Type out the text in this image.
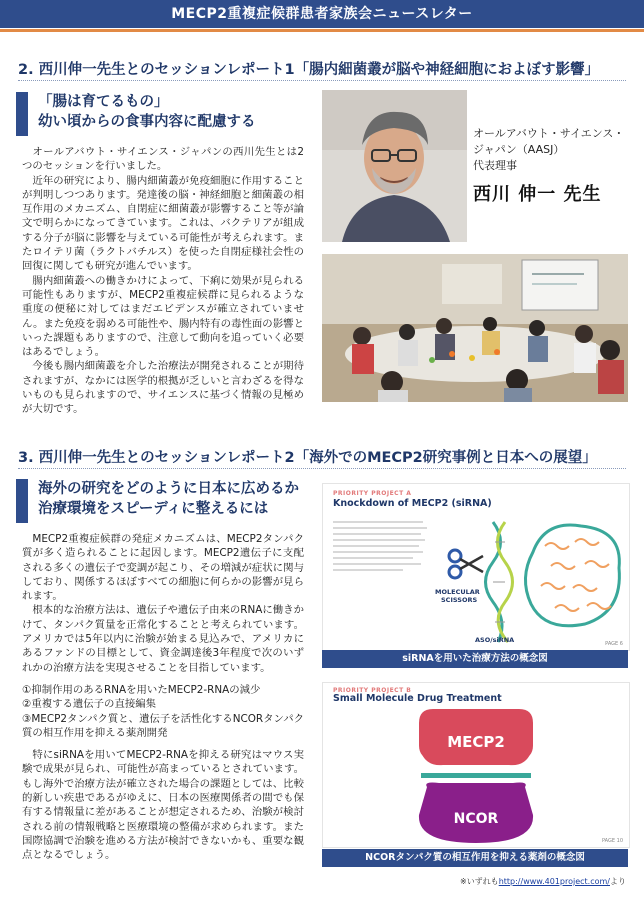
MECP2重複症候群患者家族会ニュースレター
2. 西川伸一先生とのセッションレポート1「腸内細菌叢が脳や神経細胞におよぼす影響」
「腸は育てるもの」
幼い頃からの食事内容に配慮する

オールアバウト・サイエンス・ジャパンの西川先生とは2つのセッションを行いました。

近年の研究により、腸内細菌叢が免疫細胞に作用することが判明しつつあります。発達後の脳・神経細胞と細菌叢の相互作用のメカニズム、自閉症に細菌叢が影響すること等が論文で明らかになってきています。これは、バクテリアが組成する分子が脳に影響を与えている可能性が考えられます。またロイテリ菌（ラクトバチルス）を使った自閉症様社会性の回復に関しても研究が進んでいます。

腸内細菌叢への働きかけによって、下痢に効果が見られる可能性もありますが、MECP2重複症候群に見られるような重度の便秘に対してはまだエビデンスが確立されていません。また免疫を弱める可能性や、腸内特有の毒性面の影響といった課題もありますので、注意して動向を追っていく必要はあるでしょう。

今後も腸内細菌叢を介した治療法が開発されることが期待されますが、なかには医学的根拠が乏しいと言わざるを得ないものも見られますので、サイエンスに基づく情報の見極めが大切です。

オールアバウト・サイエンス・
ジャパン（AASJ）
代表理事
西川 伸一 先生
3. 西川伸一先生とのセッションレポート2「海外でのMECP2研究事例と日本への展望」
海外の研究をどのように日本に広めるか
治療環境をスピーディに整えるには

MECP2重複症候群の発症メカニズムは、MECP2タンパク質が多く造られることに起因します。MECP2遺伝子に支配される多くの遺伝子で変調が起こり、その増減が症状に関与しており、関係するほぼすべての細胞に何らかの影響が見られます。

根本的な治療方法は、遺伝子や遺伝子由来のRNAに働きかけて、タンパク質量を正常化することと考えられています。アメリカでは5年以内に治験が始まる見込みで、アメリカにあるファンドの目標として、資金調達後3年程度で次のいずれかの治療方法を実現させることを目指しています。

①抑制作用のあるRNAを用いたMECP2-RNAの減少

②重複する遺伝子の直接編集

③MECP2タンパク質と、遺伝子を活性化するNCORタンパク質の相互作用を抑える薬剤開発

特にsiRNAを用いてMECP2-RNAを抑える研究はマウス実験で成果が見られ、可能性が高まっているとされています。もし海外で治療方法が確立された場合の課題としては、比較的新しい疾患であるがゆえに、日本の医療関係者の間でも保有する情報量に差があることが想定されるため、治験が検討される前の情報戦略と医療環境の整備が求められます。また国際協調で治験を進める方法が検討できないかも、重要な観点となるでしょう。

PRIORITY PROJECT A
Knockdown of MECP2 (siRNA)
MOLECULAR
SCISSORS
ASO/siRNA	PAGE 6
siRNAを用いた治療方法の概念図
PRIORITY PROJECT B
Small Molecule Drug Treatment
MECP2
NCOR
PAGE 10
NCORタンパク質の相互作用を抑える薬剤の概念図
※いずれもhttp://www.401project.com/より
